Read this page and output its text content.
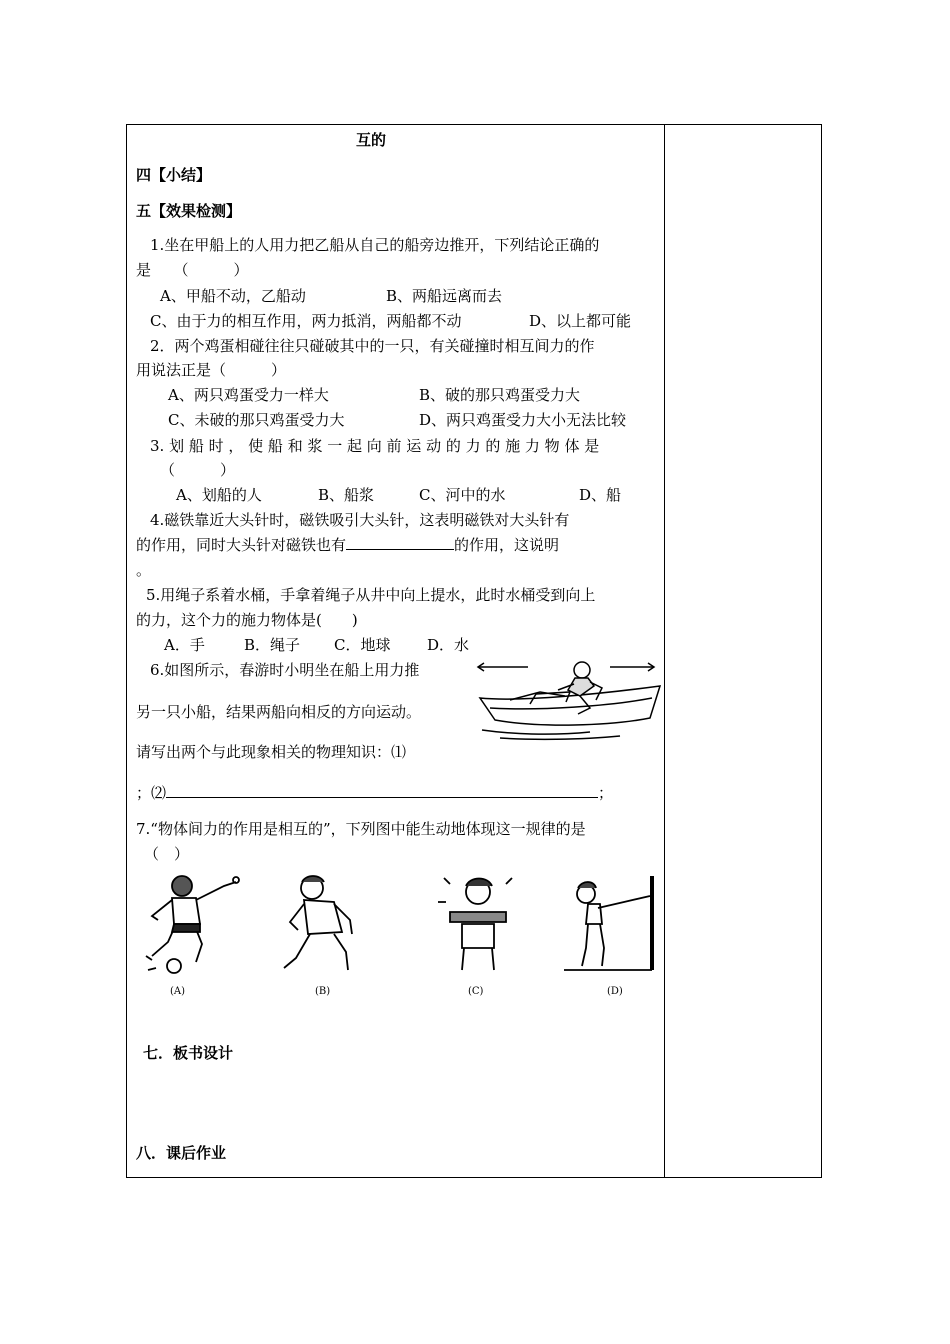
互的
四【小结】
五【效果检测】
1.坐在甲船上的人用力把乙船从自己的船旁边推开，下列结论正确的
是　　（　　　）
A、甲船不动，乙船动	B、两船远离而去
C、由于力的相互作用，两力抵消，两船都不动	D、以上都可能
2．两个鸡蛋相碰往往只碰破其中的一只，有关碰撞时相互间力的作
用说法正是（　　　）
A、两只鸡蛋受力一样大	B、破的那只鸡蛋受力大
C、未破的那只鸡蛋受力大	D、两只鸡蛋受力大小无法比较
3. 划 船 时 ， 使 船 和 浆 一 起 向 前 运 动 的 力 的 施 力 物 体 是
（　　　）
A、划船的人	B、船浆	C、河中的水	D、船
4.磁铁靠近大头针时，磁铁吸引大头针，这表明磁铁对大头针有
的作用，同时大头针对磁铁也有	的作用，这说明
。
5.用绳子系着水桶，手拿着绳子从井中向上提水，此时水桶受到向上
的力，这个力的施力物体是(　　)
A．手	B．绳子 C．地球 D．水
6.如图所示，春游时小明坐在船上用力推
另一只小船，结果两船向相反的方向运动。
请写出两个与此现象相关的物理知识：⑴
；⑵	；
7.“物体间力的作用是相互的”，下列图中能生动地体现这一规律的是
（　）
(A)	(B)	(C)	(D)
七．板书设计
八．课后作业
